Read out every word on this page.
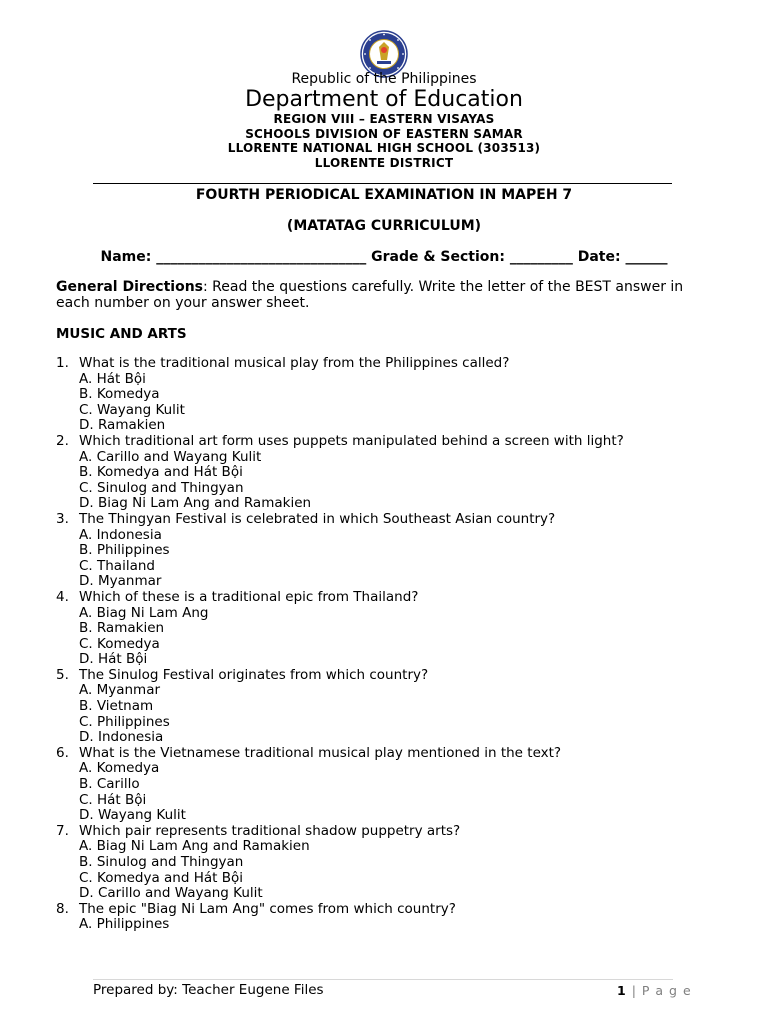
Republic of the Philippines
Department of Education
REGION VIII – EASTERN VISAYAS
SCHOOLS DIVISION OF EASTERN SAMAR
LLORENTE NATIONAL HIGH SCHOOL (303513)
LLORENTE DISTRICT
FOURTH PERIODICAL EXAMINATION IN MAPEH 7
(MATATAG CURRICULUM)
Name: ______________________________ Grade & Section: _________ Date: ______
General Directions: Read the questions carefully. Write the letter of the BEST answer in each number on your answer sheet.
MUSIC AND ARTS
1. What is the traditional musical play from the Philippines called?
A. Hát Bội
B. Komedya
C. Wayang Kulit
D. Ramakien
2. Which traditional art form uses puppets manipulated behind a screen with light?
A. Carillo and Wayang Kulit
B. Komedya and Hát Bội
C. Sinulog and Thingyan
D. Biag Ni Lam Ang and Ramakien
3. The Thingyan Festival is celebrated in which Southeast Asian country?
A. Indonesia
B. Philippines
C. Thailand
D. Myanmar
4. Which of these is a traditional epic from Thailand?
A. Biag Ni Lam Ang
B. Ramakien
C. Komedya
D. Hát Bội
5. The Sinulog Festival originates from which country?
A. Myanmar
B. Vietnam
C. Philippines
D. Indonesia
6. What is the Vietnamese traditional musical play mentioned in the text?
A. Komedya
B. Carillo
C. Hát Bội
D. Wayang Kulit
7. Which pair represents traditional shadow puppetry arts?
A. Biag Ni Lam Ang and Ramakien
B. Sinulog and Thingyan
C. Komedya and Hát Bội
D. Carillo and Wayang Kulit
8. The epic "Biag Ni Lam Ang" comes from which country?
A. Philippines
Prepared by: Teacher Eugene Files	1 | P a g e
